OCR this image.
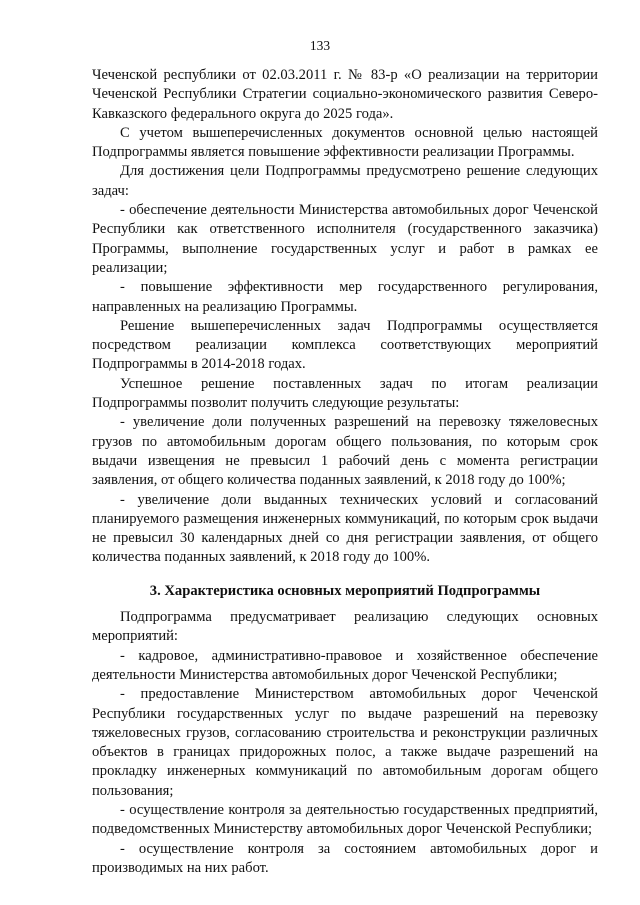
133

Чеченской республики от 02.03.2011 г. № 83-р «О реализации на территории Чеченской Республики Стратегии социально-экономического развития Северо-Кавказского федерального округа до 2025 года».

С учетом вышеперечисленных документов основной целью настоящей Подпрограммы является повышение эффективности реализации Программы.

Для достижения цели Подпрограммы предусмотрено решение следующих задач:

- обеспечение деятельности Министерства автомобильных дорог Чеченской Республики как ответственного исполнителя (государственного заказчика) Программы, выполнение государственных услуг и работ в рамках ее реализации;

- повышение эффективности мер государственного регулирования, направленных на реализацию Программы.

Решение вышеперечисленных задач Подпрограммы осуществляется посредством реализации комплекса соответствующих мероприятий Подпрограммы в 2014-2018 годах.

Успешное решение поставленных задач по итогам реализации Подпрограммы позволит получить следующие результаты:

- увеличение доли полученных разрешений на перевозку тяжеловесных грузов по автомобильным дорогам общего пользования, по которым срок выдачи извещения не превысил 1 рабочий день с момента регистрации заявления, от общего количества поданных заявлений, к 2018 году до 100%;

- увеличение доли выданных технических условий и согласований планируемого размещения инженерных коммуникаций, по которым срок выдачи не превысил 30 календарных дней со дня регистрации заявления, от общего количества поданных заявлений, к 2018 году до 100%.

3. Характеристика основных мероприятий Подпрограммы

Подпрограмма предусматривает реализацию следующих основных мероприятий:

- кадровое, административно-правовое и хозяйственное обеспечение деятельности Министерства автомобильных дорог Чеченской Республики;

- предоставление Министерством автомобильных дорог Чеченской Республики государственных услуг по выдаче разрешений на перевозку тяжеловесных грузов, согласованию строительства и реконструкции различных объектов в границах придорожных полос, а также выдаче разрешений на прокладку инженерных коммуникаций по автомобильным дорогам общего пользования;

- осуществление контроля за деятельностью государственных предприятий, подведомственных Министерству автомобильных дорог Чеченской Республики;

- осуществление контроля за состоянием автомобильных дорог и производимых на них работ.
